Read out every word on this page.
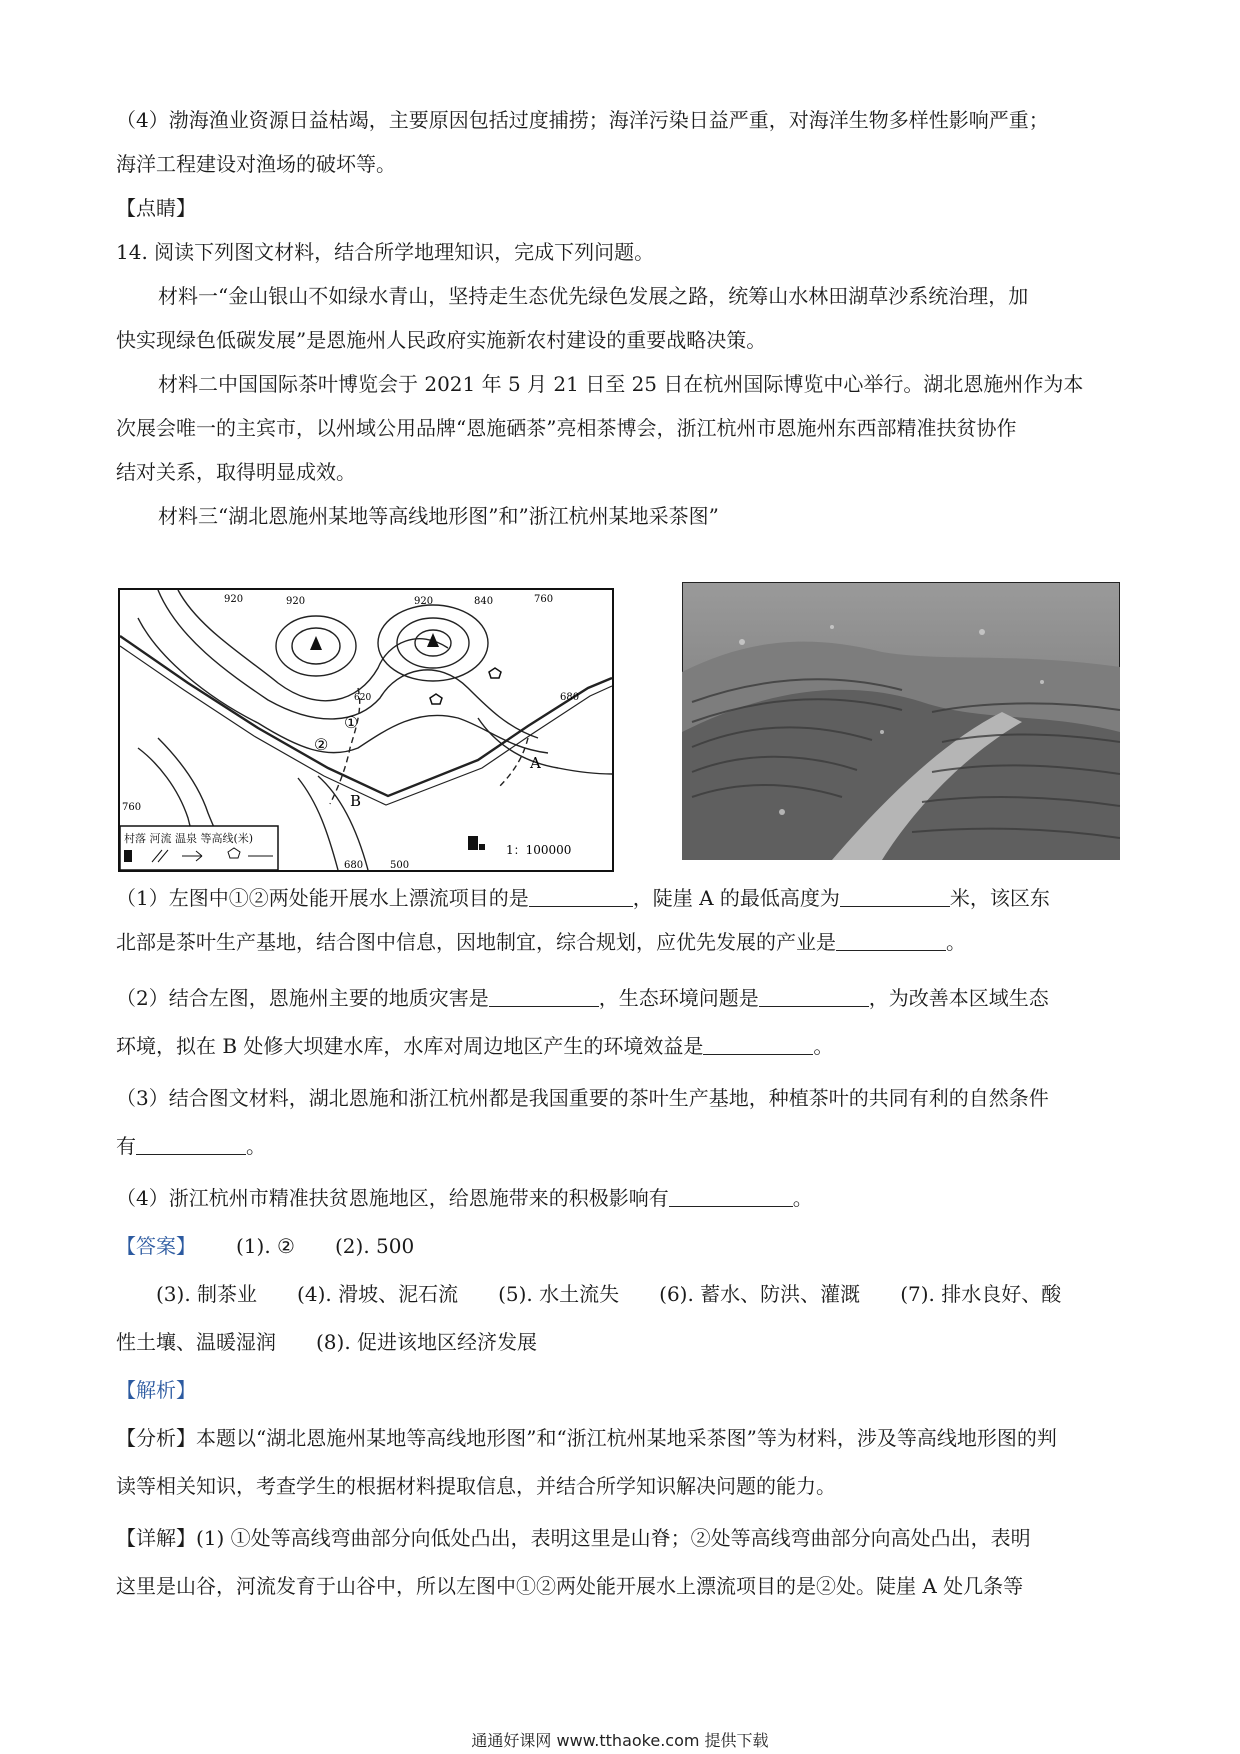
（4）渤海渔业资源日益枯竭，主要原因包括过度捕捞；海洋污染日益严重，对海洋生物多样性影响严重；
海洋工程建设对渔场的破坏等。
【点睛】
14. 阅读下列图文材料，结合所学地理知识，完成下列问题。
材料一“金山银山不如绿水青山，坚持走生态优先绿色发展之路，统筹山水林田湖草沙系统治理，加
快实现绿色低碳发展”是恩施州人民政府实施新农村建设的重要战略决策。
材料二中国国际茶叶博览会于 2021 年 5 月 21 日至 25 日在杭州国际博览中心举行。湖北恩施州作为本
次展会唯一的主宾市，以州域公用品牌“恩施硒茶”亮相茶博会，浙江杭州市恩施州东西部精准扶贫协作
结对关系，取得明显成效。
材料三“湖北恩施州某地等高线地形图”和”浙江杭州某地采茶图”
村落 河流 温泉 等高线(米)
920	920	920	840	760
680
760
680	500
620
①
②
A
B
1：100000
（1）左图中①②两处能开展水上漂流项目的是	，陡崖 A 的最低高度为	米，该区东
北部是茶叶生产基地，结合图中信息，因地制宜，综合规划，应优先发展的产业是	。
（2）结合左图，恩施州主要的地质灾害是	，生态环境问题是	，为改善本区域生态
环境，拟在 B 处修大坝建水库，水库对周边地区产生的环境效益是	。
（3）结合图文材料，湖北恩施和浙江杭州都是我国重要的茶叶生产基地，种植茶叶的共同有利的自然条件
有	。
（4）浙江杭州市精准扶贫恩施地区，给恩施带来的积极影响有	。
【答案】 (1). ② (2). 500
(3). 制茶业 (4). 滑坡、泥石流 (5). 水土流失 (6). 蓄水、防洪、灌溉 (7). 排水良好、酸
性土壤、温暖湿润 (8). 促进该地区经济发展
【解析】
【分析】本题以“湖北恩施州某地等高线地形图”和“浙江杭州某地采茶图”等为材料，涉及等高线地形图的判
读等相关知识，考查学生的根据材料提取信息，并结合所学知识解决问题的能力。
【详解】(1) ①处等高线弯曲部分向低处凸出，表明这里是山脊；②处等高线弯曲部分向高处凸出，表明
这里是山谷，河流发育于山谷中，所以左图中①②两处能开展水上漂流项目的是②处。陡崖 A 处几条等
通通好课网 www.tthaoke.com 提供下载
